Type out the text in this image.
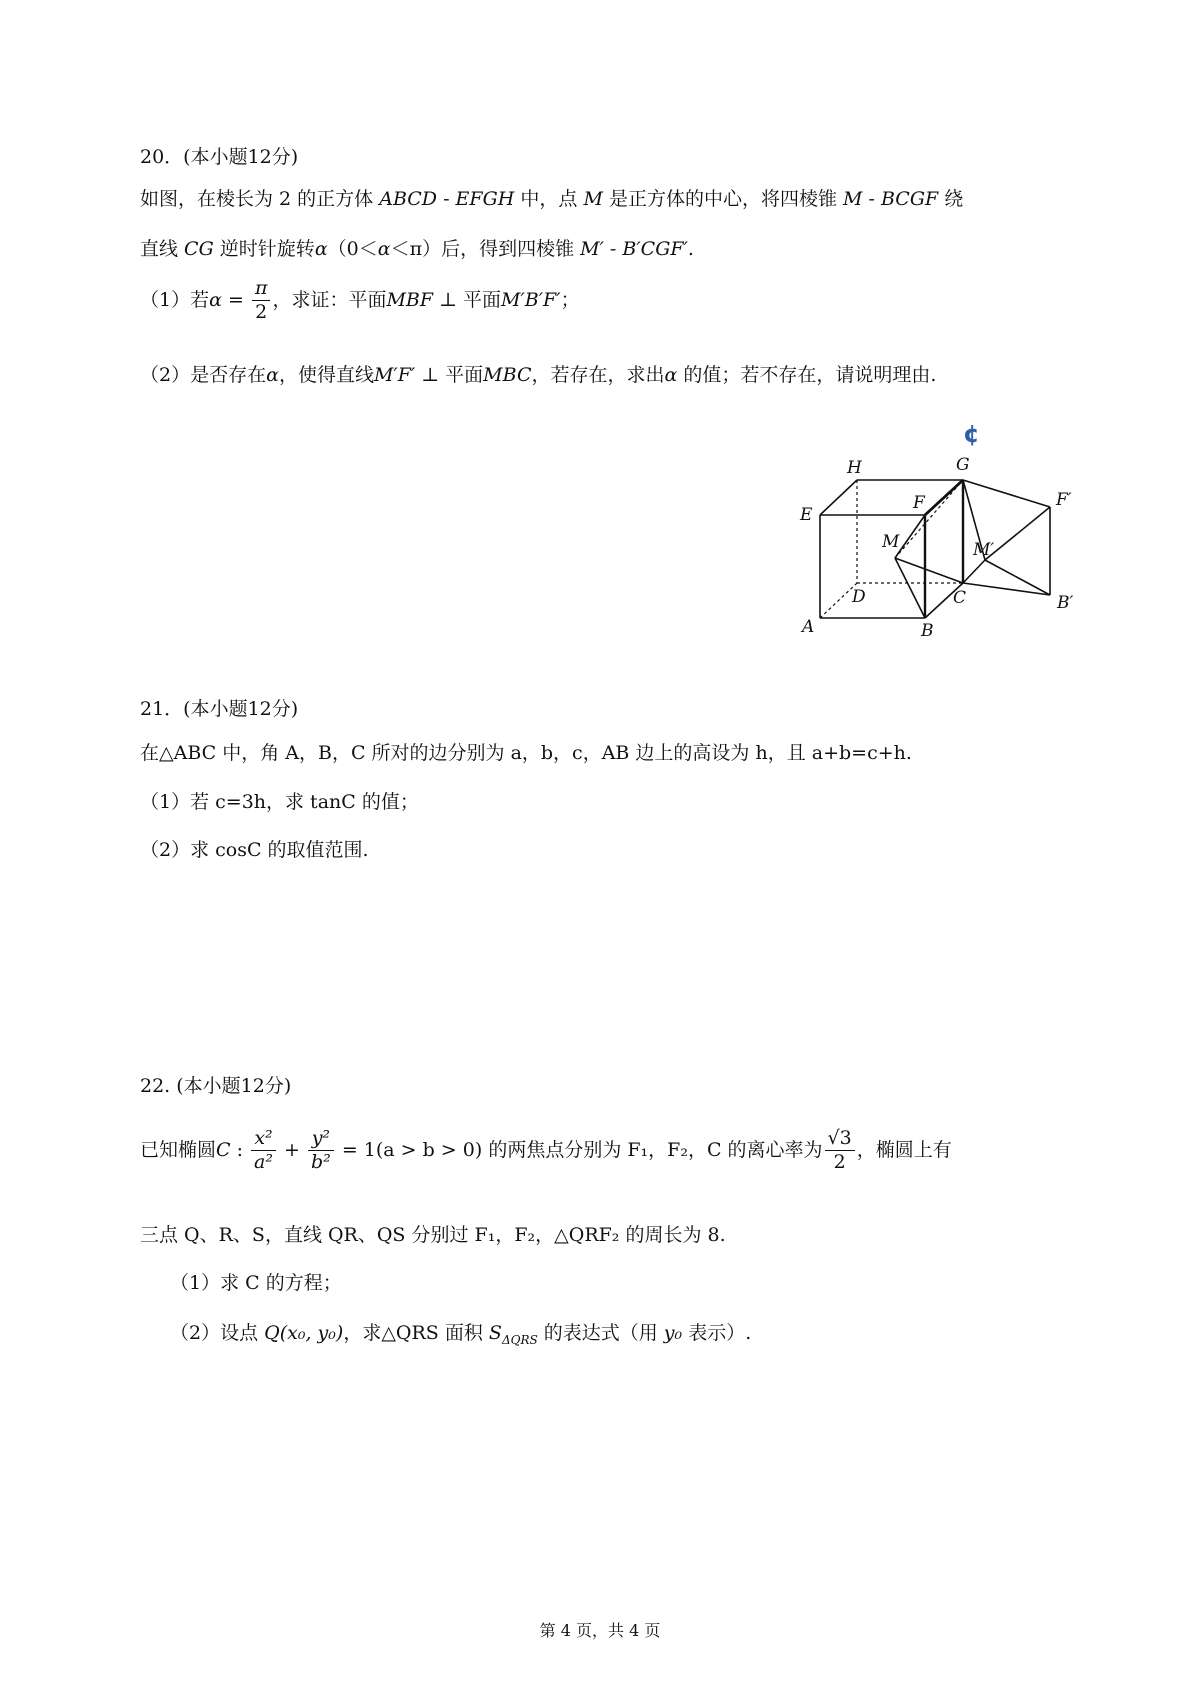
20．(本小题12分)
如图，在棱长为 2 的正方体 ABCD - EFGH 中，点 M 是正方体的中心，将四棱锥 M - BCGF 绕
直线 CG 逆时针旋转α（0＜α＜π）后，得到四棱锥 M′ - B′CGF′.
（1）若$\alpha = \frac{\pi}{2}$ ，求证：平面MBF ⊥ 平面M′B′F′；
（2）是否存在α，使得直线M′F′ ⊥ 平面MBC，若存在，求出α 的值；若不存在，请说明理由.
¢
H	G
E
F	F′
M	M′
D	C
A	B
B′
21．(本小题12分)
在△ABC 中，角 A，B，C 所对的边分别为 a，b，c，AB 边上的高设为 h，且 a+b=c+h.
（1）若 c=3h，求 tanC 的值；
（2）求 cosC 的取值范围.
22. (本小题12分)
已知椭圆C : $\frac{\text{x²}}{\text{a²}} + \frac{\text{y²}}{\text{b²}} = 1(a > b > 0)$ 的两焦点分别为 F₁，F₂，C 的离心率为 $\frac{√3}{2}$ ，椭圆上有
三点 Q、R、S，直线 QR、QS 分别过 F₁，F₂，△QRF₂ 的周长为 8.
（1）求 C 的方程；
（2）设点 Q(x₀, y₀)，求△QRS 面积 $S_{\Delta QRS}$ 的表达式（用 y₀ 表示）.
第 4 页，共 4 页
